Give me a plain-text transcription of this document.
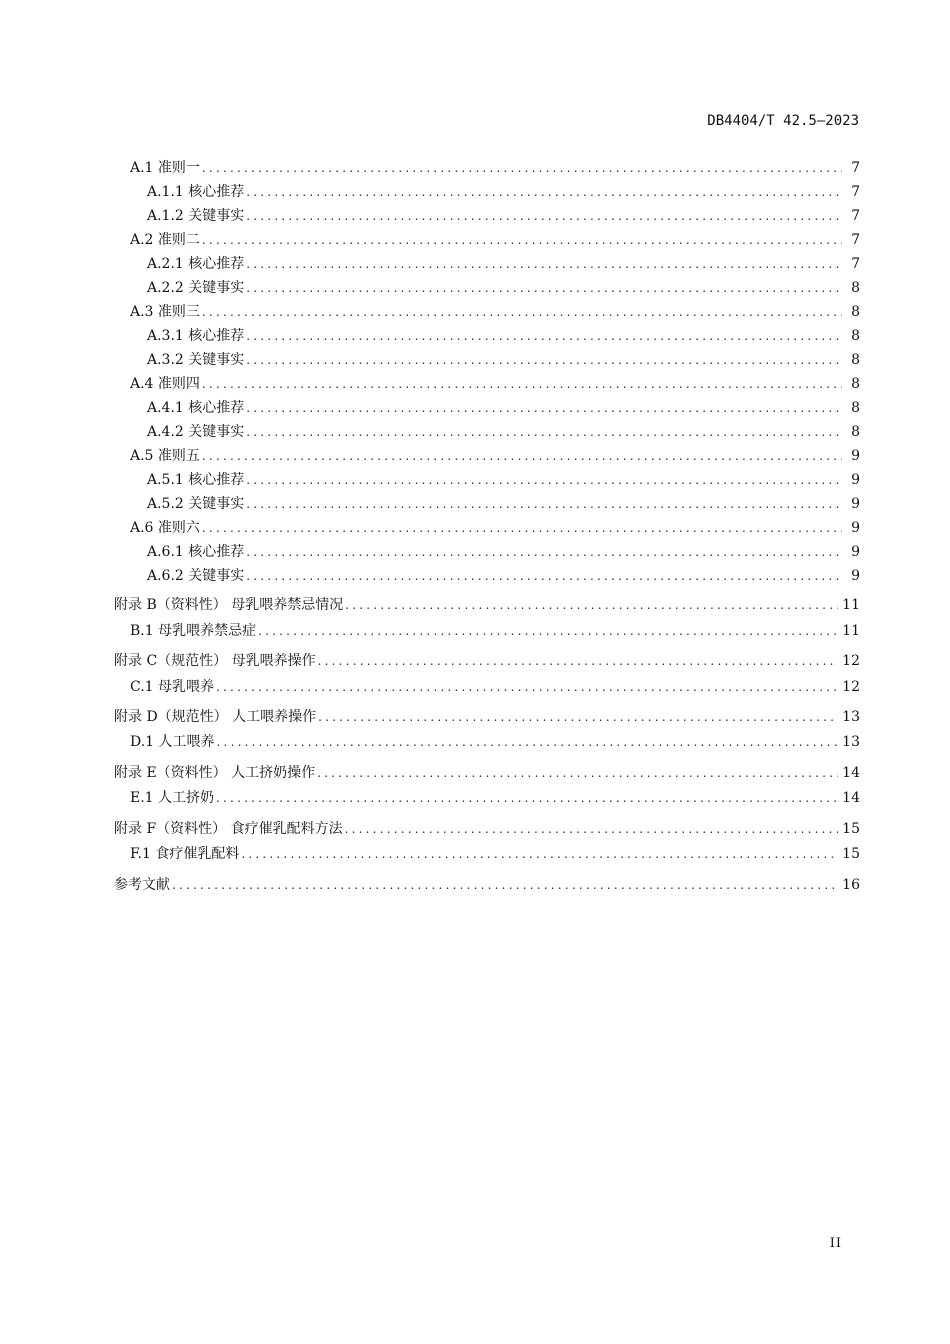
DB4404/T 42.5—2023
A.1 准则一 .....	7
A.1.1 核心推荐 .....	7
A.1.2 关键事实 .....	7
A.2 准则二 .....	7
A.2.1 核心推荐 .....	7
A.2.2 关键事实 .....	8
A.3 准则三 .....	8
A.3.1 核心推荐 .....	8
A.3.2 关键事实 .....	8
A.4 准则四 .....	8
A.4.1 核心推荐 .....	8
A.4.2 关键事实 .....	8
A.5 准则五 .....	9
A.5.1 核心推荐 .....	9
A.5.2 关键事实 .....	9
A.6 准则六 .....	9
A.6.1 核心推荐 .....	9
A.6.2 关键事实 .....	9
附录 B（资料性） 母乳喂养禁忌情况 .....	11
B.1 母乳喂养禁忌症 .....	11
附录 C（规范性） 母乳喂养操作 .....	12
C.1 母乳喂养 .....	12
附录 D（规范性） 人工喂养操作 .....	13
D.1 人工喂养 .....	13
附录 E（资料性） 人工挤奶操作 .....	14
E.1 人工挤奶 .....	14
附录 F（资料性） 食疗催乳配料方法 .....	15
F.1 食疗催乳配料 .....	15
参考文献 .....	16
II
